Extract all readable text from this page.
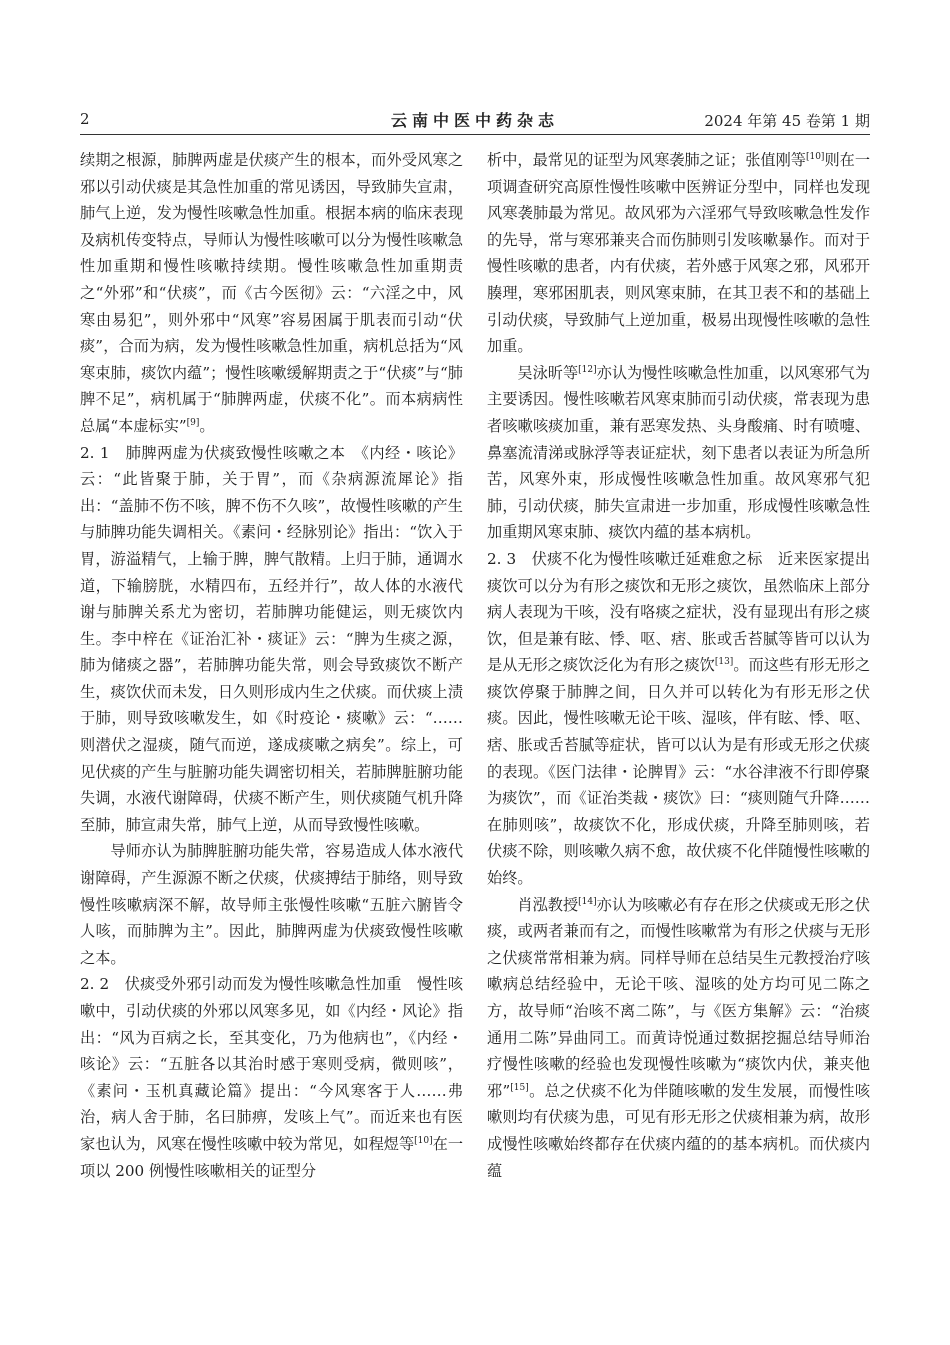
2	云南中医中药杂志	2024 年第 45 卷第 1 期

续期之根源，肺脾两虚是伏痰产生的根本，而外受风寒之邪以引动伏痰是其急性加重的常见诱因，导致肺失宣肃，肺气上逆，发为慢性咳嗽急性加重。根据本病的临床表现及病机传变特点，导师认为慢性咳嗽可以分为慢性咳嗽急性加重期和慢性咳嗽持续期。慢性咳嗽急性加重期责之“外邪”和“伏痰”，而《古今医彻》云：“六淫之中，风寒由易犯”，则外邪中“风寒”容易困属于肌表而引动“伏痰”，合而为病，发为慢性咳嗽急性加重，病机总括为“风寒束肺，痰饮内蕴”；慢性咳嗽缓解期责之于“伏痰”与“肺脾不足”，病机属于“肺脾两虚，伏痰不化”。而本病病性总属“本虚标实”[9]。

2. 1　肺脾两虚为伏痰致慢性咳嗽之本　《内经・咳论》云：“此皆聚于肺，关于胃”，而《杂病源流犀论》指出：“盖肺不伤不咳，脾不伤不久咳”，故慢性咳嗽的产生与肺脾功能失调相关。《素问・经脉别论》指出：“饮入于胃，游溢精气，上输于脾，脾气散精。上归于肺，通调水道，下输膀胱，水精四布，五经并行”，故人体的水液代谢与肺脾关系尤为密切，若肺脾功能健运，则无痰饮内生。李中梓在《证治汇补・痰证》云：“脾为生痰之源，肺为储痰之器”，若肺脾功能失常，则会导致痰饮不断产生，痰饮伏而未发，日久则形成内生之伏痰。而伏痰上渍于肺，则导致咳嗽发生，如《时疫论・痰嗽》云：“……则潜伏之湿痰，随气而逆，遂成痰嗽之病矣”。综上，可见伏痰的产生与脏腑功能失调密切相关，若肺脾脏腑功能失调，水液代谢障碍，伏痰不断产生，则伏痰随气机升降至肺，肺宣肃失常，肺气上逆，从而导致慢性咳嗽。

导师亦认为肺脾脏腑功能失常，容易造成人体水液代谢障碍，产生源源不断之伏痰，伏痰搏结于肺络，则导致慢性咳嗽病深不解，故导师主张慢性咳嗽“五脏六腑皆令人咳，而肺脾为主”。因此，肺脾两虚为伏痰致慢性咳嗽之本。

2. 2　伏痰受外邪引动而发为慢性咳嗽急性加重　慢性咳嗽中，引动伏痰的外邪以风寒多见，如《内经・风论》指出：“风为百病之长，至其变化，乃为他病也”，《内经・咳论》云：“五脏各以其治时感于寒则受病，微则咳”，《素问・玉机真藏论篇》提出：“今风寒客于人……弗治，病人舍于肺，名曰肺痹，发咳上气”。而近来也有医家也认为，风寒在慢性咳嗽中较为常见，如程煜等[10]在一项以 200 例慢性咳嗽相关的证型分

析中，最常见的证型为风寒袭肺之证；张值刚等[10]则在一项调查研究高原性慢性咳嗽中医辨证分型中，同样也发现风寒袭肺最为常见。故风邪为六淫邪气导致咳嗽急性发作的先导，常与寒邪兼夹合而伤肺则引发咳嗽暴作。而对于慢性咳嗽的患者，内有伏痰，若外感于风寒之邪，风邪开腠理，寒邪困肌表，则风寒束肺，在其卫表不和的基础上引动伏痰，导致肺气上逆加重，极易出现慢性咳嗽的急性加重。

吴泳昕等[12]亦认为慢性咳嗽急性加重，以风寒邪气为主要诱因。慢性咳嗽若风寒束肺而引动伏痰，常表现为患者咳嗽咳痰加重，兼有恶寒发热、头身酸痛、时有喷嚏、鼻塞流清涕或脉浮等表证症状，刻下患者以表证为所急所苦，风寒外束，形成慢性咳嗽急性加重。故风寒邪气犯肺，引动伏痰，肺失宣肃进一步加重，形成慢性咳嗽急性加重期风寒束肺、痰饮内蕴的基本病机。

2. 3　伏痰不化为慢性咳嗽迁延难愈之标　近来医家提出痰饮可以分为有形之痰饮和无形之痰饮，虽然临床上部分病人表现为干咳，没有咯痰之症状，没有显现出有形之痰饮，但是兼有眩、悸、呕、痞、胀或舌苔腻等皆可以认为是从无形之痰饮泛化为有形之痰饮[13]。而这些有形无形之痰饮停聚于肺脾之间，日久并可以转化为有形无形之伏痰。因此，慢性咳嗽无论干咳、湿咳，伴有眩、悸、呕、痞、胀或舌苔腻等症状，皆可以认为是有形或无形之伏痰的表现。《医门法律・论脾胃》云：“水谷津液不行即停聚为痰饮”，而《证治类裁・痰饮》曰：“痰则随气升降……在肺则咳”，故痰饮不化，形成伏痰，升降至肺则咳，若伏痰不除，则咳嗽久病不愈，故伏痰不化伴随慢性咳嗽的始终。

肖泓教授[14]亦认为咳嗽必有存在形之伏痰或无形之伏痰，或两者兼而有之，而慢性咳嗽常为有形之伏痰与无形之伏痰常常相兼为病。同样导师在总结吴生元教授治疗咳嗽病总结经验中，无论干咳、湿咳的处方均可见二陈之方，故导师“治咳不离二陈”，与《医方集解》云：“治痰通用二陈”异曲同工。而黄诗悦通过数据挖掘总结导师治疗慢性咳嗽的经验也发现慢性咳嗽为“痰饮内伏，兼夹他邪”[15]。总之伏痰不化为伴随咳嗽的发生发展，而慢性咳嗽则均有伏痰为患，可见有形无形之伏痰相兼为病，故形成慢性咳嗽始终都存在伏痰内蕴的的基本病机。而伏痰内蕴
